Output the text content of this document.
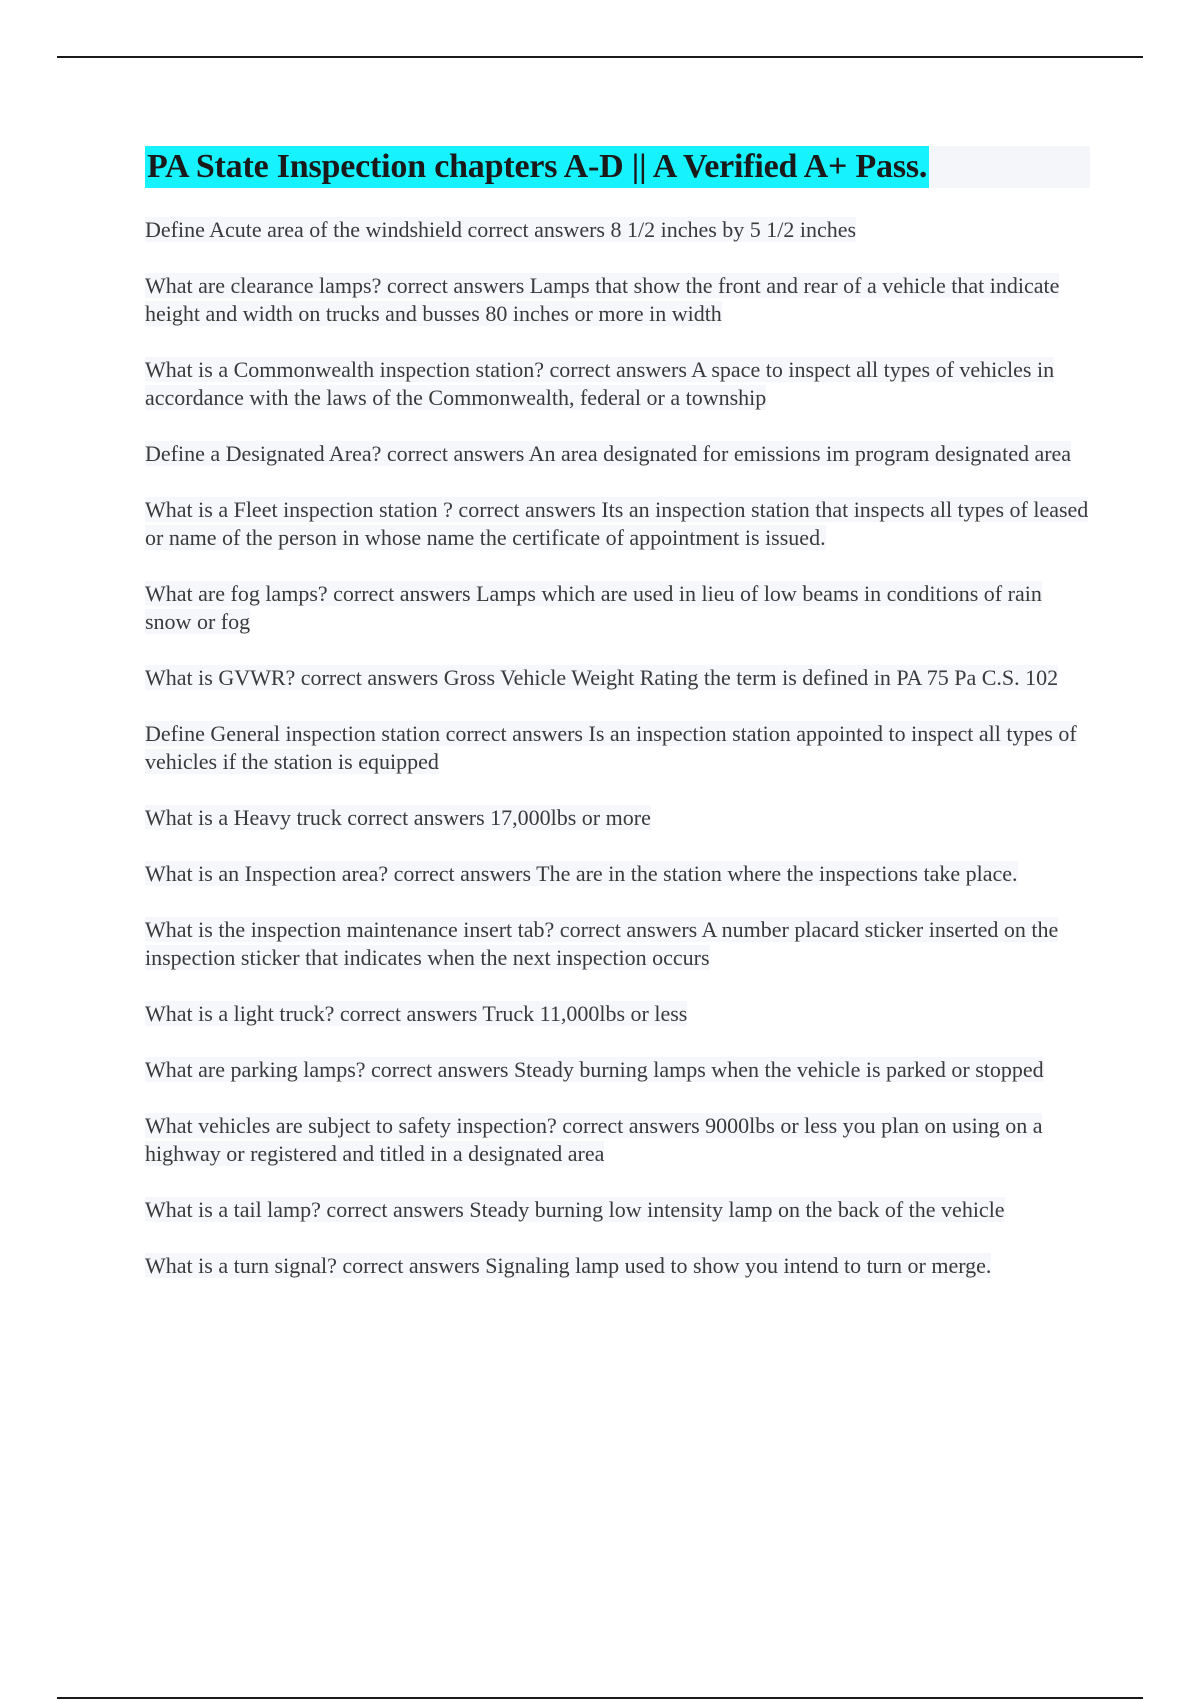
PA State Inspection chapters A-D || A Verified A+ Pass.
Define Acute area of the windshield correct answers 8 1/2 inches by 5 1/2 inches
What are clearance lamps? correct answers Lamps that show the front and rear of a vehicle that indicate height and width on trucks and busses 80 inches or more in width
What is a Commonwealth inspection station? correct answers A space to inspect all types of vehicles in accordance with the laws of the Commonwealth, federal or a township
Define a Designated Area? correct answers An area designated for emissions im program designated area
What is a Fleet inspection station ? correct answers Its an inspection station that inspects all types of leased or name of the person in whose name the certificate of appointment is issued.
What are fog lamps? correct answers Lamps which are used in lieu of low beams in conditions of rain snow or fog
What is GVWR? correct answers Gross Vehicle Weight Rating the term is defined in PA 75 Pa C.S. 102
Define General inspection station correct answers Is an inspection station appointed to inspect all types of vehicles if the station is equipped
What is a Heavy truck correct answers 17,000lbs or more
What is an Inspection area? correct answers The are in the station where the inspections take place.
What is the inspection maintenance insert tab? correct answers A number placard sticker inserted on the inspection sticker that indicates when the next inspection occurs
What is a light truck? correct answers Truck 11,000lbs or less
What are parking lamps? correct answers Steady burning lamps when the vehicle is parked or stopped
What vehicles are subject to safety inspection? correct answers 9000lbs or less you plan on using on a highway or registered and titled in a designated area
What is a tail lamp? correct answers Steady burning low intensity lamp on the back of the vehicle
What is a turn signal? correct answers Signaling lamp used to show you intend to turn or merge.
